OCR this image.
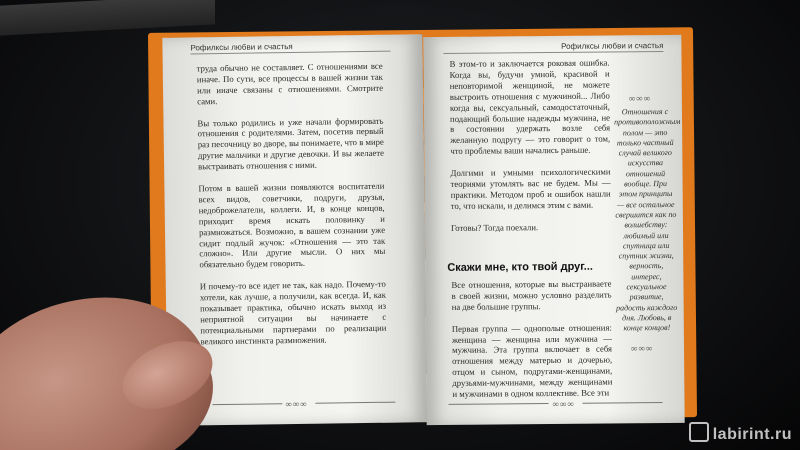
Рофилксы любви и счастья
труда обычно не составляет. С отношениями все иначе. По сути, все процессы в вашей жизни так или иначе связаны с отношениями. Смотрите сами.

Вы только родились и уже начали формировать отношения с родителями. Затем, посетив первый раз песочницу во дворе, вы понимаете, что в мире другие мальчики и другие девочки. И вы желаете выстраивать отношения с ними.

Потом в вашей жизни появляются воспитатели всех видов, советчики, подруги, друзья, недоброжелатели, коллеги. И, в конце концов, приходит время искать половинку и размножаться. Возможно, в вашем сознании уже сидит подлый жучок: «Отношения — это так сложно». Или другие мысли. О них мы обязательно будем говорить.

И почему-то все идет не так, как надо. Почему-то хотели, как лучше, а получили, как всегда. И, как показывает практика, обычно искать выход из неприятной ситуации вы начинаете с потенциальными партнерами по реализации великого инстинкта размножения.
∞∞∞
Рофилксы любви и счастья
В этом-то и заключается роковая ошибка. Когда вы, будучи умной, красивой и неповторимой женщиной, не можете выстроить отношения с мужчиной... Либо когда вы, сексуальный, самодостаточный, подающий большие надежды мужчина, не в состоянии удержать возле себя желанную подругу — это говорит о том, что проблемы ваши начались раньше.

Долгими и умными психологическими теориями утомлять вас не будем. Мы — практики. Методом проб и ошибок нашли то, что искали, и делимся этим с вами.

Готовы? Тогда поехали.
∞∞∞
Отношения с противоположным полом — это только частный случай великого искусства отношений вообще. При этом принципы — все остальное свершится как по волшебству: любимый или спутница или спутник жизни, верность, интерес, сексуальное развитие, радость каждого дня. Любовь, в конце концов!
∞∞∞
Скажи мне, кто твой друг...
Все отношения, которые вы выстраиваете в своей жизни, можно условно разделить на две большие группы.

Первая группа — однополые отношения: женщина — женщина или мужчина — мужчина. Эта группа включает в себя отношения между матерью и дочерью, отцом и сыном, подругами-женщинами, друзьями-мужчинами, между женщинами и мужчинами в одном коллективе. Все эти
∞∞∞
labirint.ru
